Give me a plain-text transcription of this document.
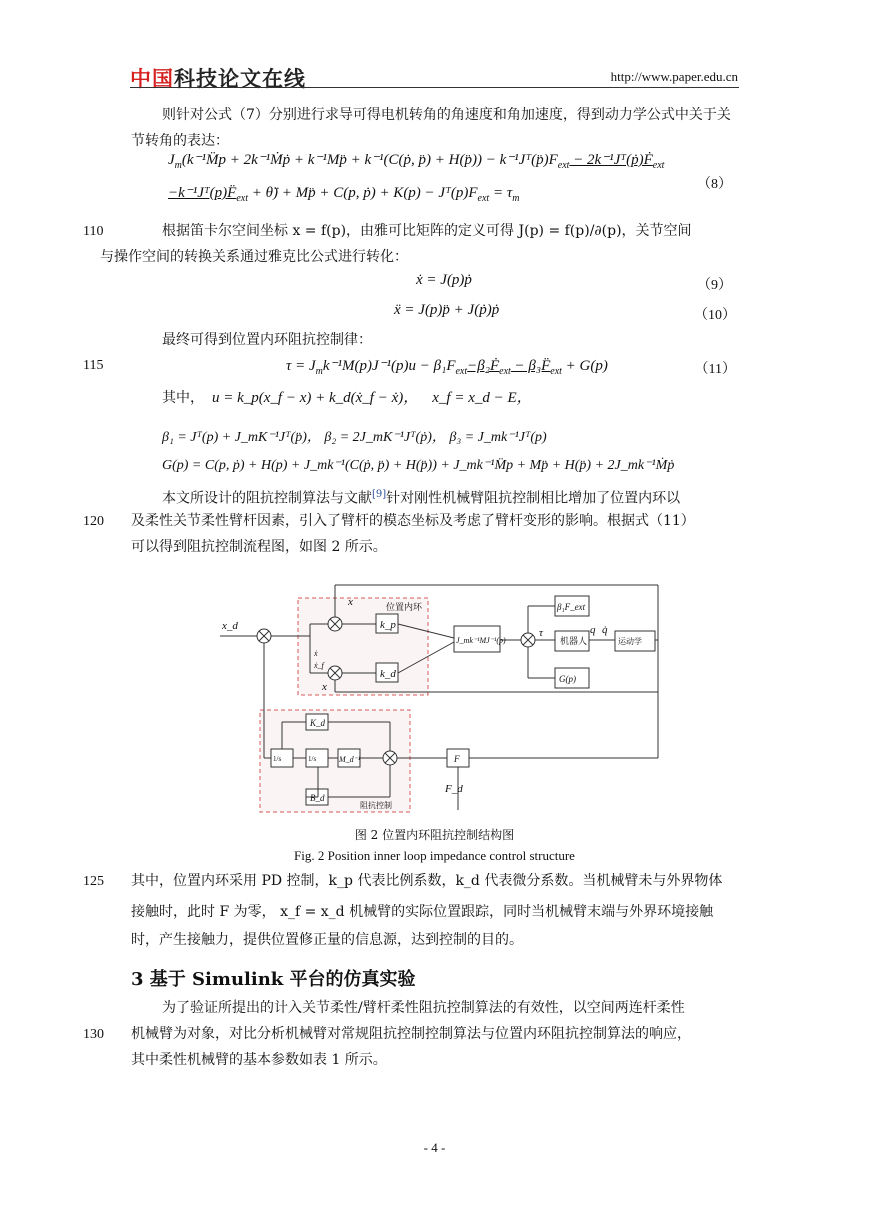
中国科技论文在线	http://www.paper.edu.cn
则针对公式（7）分别进行求导可得电机转角的角速度和角加速度，得到动力学公式中关于关节转角的表达：
$J_m(k^{-1}M̈p$ + 2k⁻¹Ṁṗ + k⁻¹Mp̈ + k⁻¹(C(ṗ, p̈) + H(p̈)) − $k^{-1}Jᵀ(p̈)F_{ext}$ − 2k⁻¹Jᵀ(ṗ)Ḟ$_{ext}$
$-k^{-1}Jᵀ(p)F̈_{ext}$ + θ̈) + Mp̈ + C(p, ṗ) + $K(p) - Jᵀ(p)F_{ext} = \tau_m$
（8）
110	根据笛卡尔空间坐标 x = f(p)，由雅可比矩阵的定义可得 J(p) = f(p)/∂(p)，关节空间
与操作空间的转换关系通过雅克比公式进行转化：
ẋ = J(p)ṗ	（9）
ẍ = J(p)p̈ + J(ṗ)ṗ	（10）
最终可得到位置内环阻抗控制律：
115	$\tau = J_mk^{-1}M(p)J^{-1}(p)u$ − $\beta_1F_{ext}-\beta_2Ḟ_{ext}$ − $\beta_3F̈_{ext} + G(p)$	（11）
其中， u = k_p(x_f − x) + k_d(ẋ_f − ẋ)， x_f = x_d − E，
β₁ = Jᵀ(p) + J_mK⁻¹Jᵀ(p̈)， β₂ = 2J_mK⁻¹Jᵀ(ṗ)， β₃ = J_mk⁻¹Jᵀ(p)
G(p) = C(p, ṗ) + H(p) + J_mk⁻¹(C(ṗ, p̈) + H(p̈)) + J_mk⁻¹M̈p + Mp̈ + H(p̈) + 2J_mk⁻¹Ṁṗ
本文所设计的阻抗控制算法与文献[9]针对刚性机械臂阻抗控制相比增加了位置内环以
120 及柔性关节柔性臂杆因素，引入了臂杆的模态坐标及考虑了臂杆变形的影响。根据式（11）
可以得到阻抗控制流程图，如图 2 所示。
x_d
x	位置内环
k_p
k_d
ẋ
ẋ_f
x
J_mk⁻¹MJ⁻¹(p)
β₁F_ext
τ
机器人
q q̇
运动学
G(p)
K_d
1/s	1/s	M_d⁻¹
B_d
F
F_d
阻抗控制
图 2 位置内环阻抗控制结构图
Fig. 2 Position inner loop impedance control structure
125 其中，位置内环采用 PD 控制，k_p 代表比例系数，k_d 代表微分系数。当机械臂未与外界物体
接触时，此时 F 为零， x_f = x_d 机械臂的实际位置跟踪，同时当机械臂末端与外界环境接触
时，产生接触力，提供位置修正量的信息源，达到控制的目的。
3 基于 Simulink 平台的仿真实验
为了验证所提出的计入关节柔性/臂杆柔性阻抗控制算法的有效性，以空间两连杆柔性
130 机械臂为对象，对比分析机械臂对常规阻抗控制控制算法与位置内环阻抗控制算法的响应，
其中柔性机械臂的基本参数如表 1 所示。
- 4 -
